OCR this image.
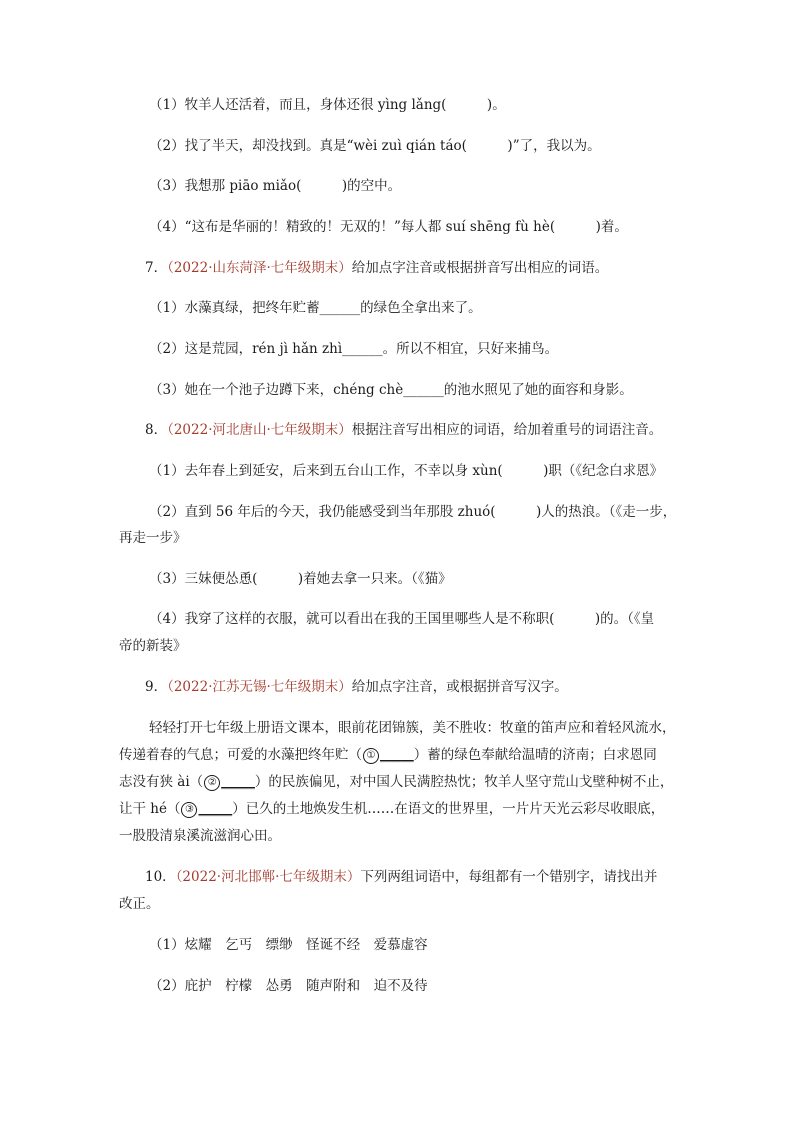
（1）牧羊人还活着，而且，身体还很 yìng lǎng(　　　)。
（2）找了半天，却没找到。真是“wèi zuì qián táo(　　　)”了，我以为。
（3）我想那 piāo miǎo(　　　)的空中。
（4）“这布是华丽的！精致的！无双的！”每人都 suí shēng fù hè(　　　)着。
7．（2022·山东菏泽·七年级期末）给加点字注音或根据拼音写出相应的词语。
（1）水藻真绿，把终年贮蓄______的绿色全拿出来了。
（2）这是荒园，rén jì hǎn zhì______。所以不相宜，只好来捕鸟。
（3）她在一个池子边蹲下来，chéng chè______的池水照见了她的面容和身影。
8．（2022·河北唐山·七年级期末）根据注音写出相应的词语，给加着重号的词语注音。
（1）去年春上到延安，后来到五台山工作，不幸以身 xùn(　　　)职（《纪念白求恩》
（2）直到 56 年后的今天，我仍能感受到当年那股 zhuó(　　　)人的热浪。（《走一步，
再走一步》
（3）三妹便怂恿(　　　)着她去拿一只来。（《猫》
（4）我穿了这样的衣服，就可以看出在我的王国里哪些人是不称职(　　　)的。（《皇
帝的新装》
9．（2022·江苏无锡·七年级期末）给加点字注音，或根据拼音写汉字。
轻轻打开七年级上册语文课本，眼前花团锦簇，美不胜收：牧童的笛声应和着轻风流水，
传递着春的气息；可爱的水藻把终年贮（ ① _____）蓄的绿色奉献给温晴的济南；白求恩同
志没有狭 ài（ ② _____）的民族偏见，对中国人民满腔热忱；牧羊人坚守荒山戈壁种树不止，
让干 hé（ ③ _____）已久的土地焕发生机……在语文的世界里，一片片天光云彩尽收眼底，
一股股清泉溪流滋润心田。
10．（2022·河北邯郸·七年级期末）下列两组词语中，每组都有一个错别字，请找出并
改正。
（1）炫耀　乞丐　缥缈　怪诞不经　爱慕虚容
（2）庇护　柠檬　怂勇　随声附和　迫不及待
